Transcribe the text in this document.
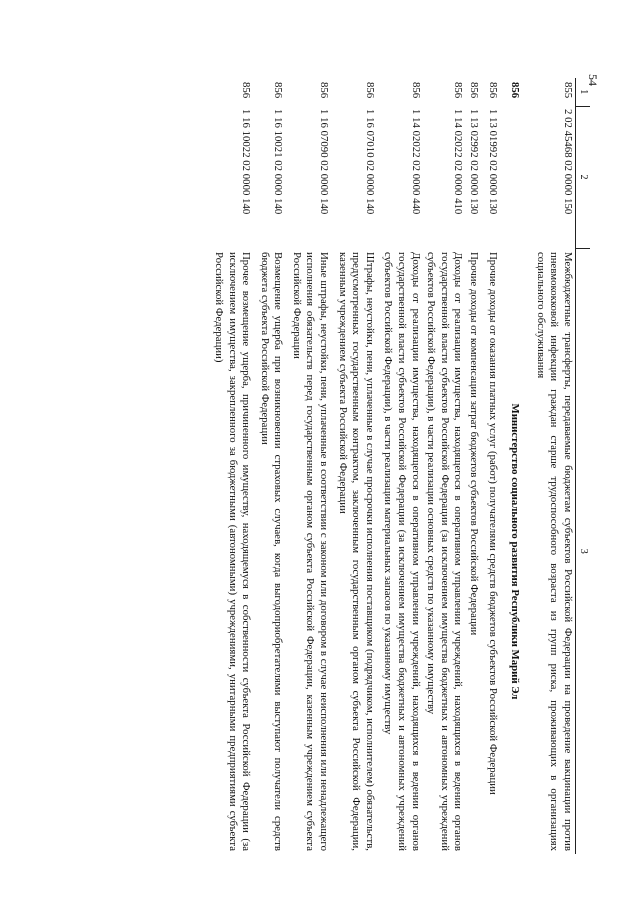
54
1	2	3
855	2 02 45468 02 0000 150	Межбюджетные трансферты, передаваемые бюджетам субъектов Российской Федерации на проведение вакцинации против пневмококковой инфекции граждан старше трудоспособного возраста из групп риска, проживающих в организациях социального обслуживания
856		Министерство социального развития Республики Марий Эл
856	1 13 01992 02 0000 130	Прочие доходы от оказания платных услуг (работ) получателями средств бюджетов субъектов Российской Федерации
856	1 13 02992 02 0000 130	Прочие доходы от компенсации затрат бюджетов субъектов Российской Федерации
856	1 14 02022 02 0000 410	Доходы от реализации имущества, находящегося в оперативном управлении учреждений, находящихся в ведении органов государственной власти субъектов Российской Федерации (за исключением имущества бюджетных и автономных учреждений субъектов Российской Федерации), в части реализации основных средств по указанному имуществу
856	1 14 02022 02 0000 440	Доходы от реализации имущества, находящегося в оперативном управлении учреждений, находящихся в ведении органов государственной власти субъектов Российской Федерации (за исключением имущества бюджетных и автономных учреждений субъектов Российской Федерации), в части реализации материальных запасов по указанному имуществу
856	1 16 07010 02 0000 140	Штрафы, неустойки, пени, уплаченные в случае просрочки исполнения поставщиком (подрядчиком, исполнителем) обязательств, предусмотренных государственным контрактом, заключенным государственным органом субъекта Российской Федерации, казенным учреждением субъекта Российской Федерации
856	1 16 07090 02 0000 140	Иные штрафы, неустойки, пени, уплаченные в соответствии с законом или договором в случае неисполнения или ненадлежащего исполнения обязательств перед государственным органом субъекта Российской Федерации, казенным учреждением субъекта Российской Федерации
856	1 16 10021 02 0000 140	Возмещение ущерба при возникновении страховых случаев, когда выгодоприобретателями выступают получатели средств бюджета субъекта Российской Федерации
856	1 16 10022 02 0000 140	Прочее возмещение ущерба, причиненного имуществу, находящемуся в собственности субъекта Российской Федерации (за исключением имущества, закрепленного за бюджетными (автономными) учреждениями, унитарными предприятиями субъекта Российской Федерации)
